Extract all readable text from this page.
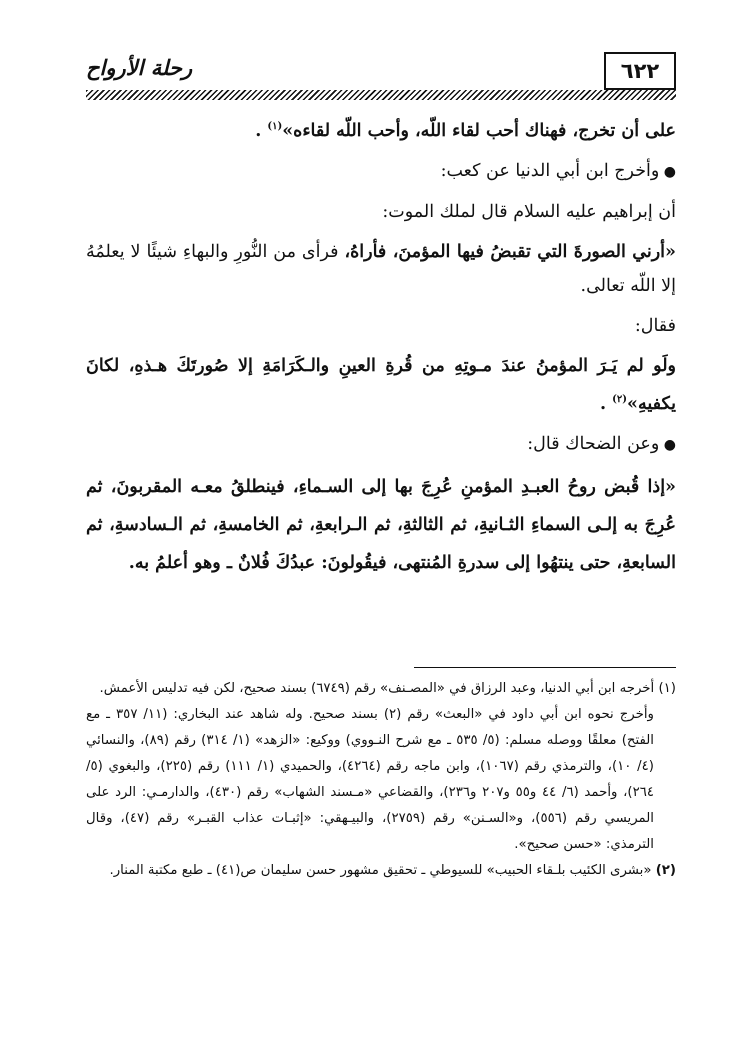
٦٢٢
رحلة الأرواح

على أن تخرج، فهناك أحب لقاء اللّه، وأحب اللّه لقاءه»$^{(١)}$ .

● وأخرج ابن أبي الدنيا عن كعب:

أن إبراهيم عليه السلام قال لملك الموت:

«أرني الصورةَ التي تقبضُ فيها المؤمنَ، فأراهُ، فرأى من النُّورِ والبهاءِ شيئًا لا يعلمُهُ إلا اللّه تعالى.

فقال:

ولَو لم يَـرَ المؤمنُ عندَ مـوتِهِ من قُرةِ العينِ والـكَرَامَةِ إلا صُورتَكَ هـذهِ، لكانَ يكفيهِ»$^{(٢)}$ .

● وعن الضحاك قال:

«إذا قُبض روحُ العبـدِ المؤمنِ عُرِجَ بها إلى السـماءِ، فينطلقُ معـه المقربونَ، ثم عُرِجَ به إلـى السماءِ الثـانيةِ، ثم الثالثةِ، ثم الـرابعةِ، ثم الخامسةِ، ثم الـسادسةِ، ثم السابعةِ، حتى ينتهُوا إلى سدرةِ المُنتهى، فيقُولونَ: عبدُكَ فُلانٌ ـ وهو أعلمُ به.

(١) أخرجه ابن أبي الدنيا، وعبد الرزاق في «المصـنف» رقم (٦٧٤٩) بسند صحيح، لكن فيه تدليس الأعمش.

وأخرج نحوه ابن أبي داود في «البعث» رقم (٢) بسند صحيح. وله شاهد عند البخاري: (١١/ ٣٥٧ ـ مع الفتح) معلقًا ووصله مسلم: (٥/ ٥٣٥ ـ مع شرح النـووي) ووكيع: «الزهد» (١/ ٣١٤) رقم (٨٩)، والنسائي (٤/ ١٠)، والترمذي رقم (١٠٦٧)، وابن ماجه رقم (٤٢٦٤)، والحميدي (١/ ١١١) رقم (٢٢٥)، والبغوي (٥/ ٢٦٤)، وأحمد (٦/ ٤٤ و٥٥ و٢٠٧ و٢٣٦)، والقضاعي «مـسند الشهاب» رقم (٤٣٠)، والدارمـي: الرد على المريسي رقم (٥٥٦)، و«السـنن» رقم (٢٧٥٩)، والبيـهقي: «إثبـات عذاب القبـر» رقم (٤٧)، وقال الترمذي: «حسن صحيح».

(٢) «بشرى الكئيب بلـقاء الحبيب» للسيوطي ـ تحقيق مشهور حسن سليمان ص(٤١) ـ طبع مكتبة المنار.
